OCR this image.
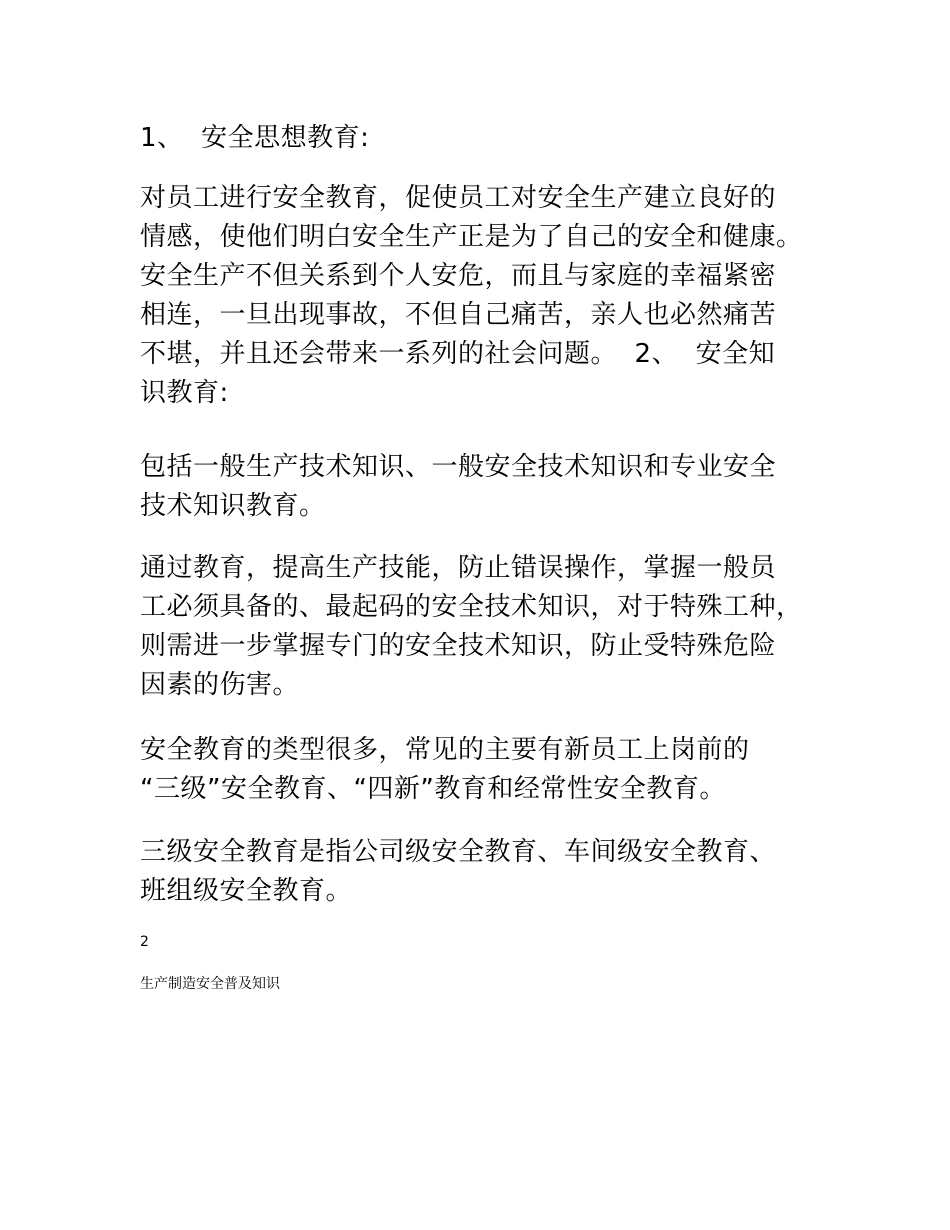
1、  安全思想教育:

对员工进行安全教育，促使员工对安全生产建立良好的
情感，使他们明白安全生产正是为了自己的安全和健康。
安全生产不但关系到个人安危，而且与家庭的幸福紧密
相连，一旦出现事故，不但自己痛苦，亲人也必然痛苦
不堪，并且还会带来一系列的社会问题。  2、  安全知
识教育:

包括一般生产技术知识、一般安全技术知识和专业安全
技术知识教育。

通过教育，提高生产技能，防止错误操作，掌握一般员
工必须具备的、最起码的安全技术知识，对于特殊工种，
则需进一步掌握专门的安全技术知识，防止受特殊危险
因素的伤害。

安全教育的类型很多，常见的主要有新员工上岗前的
“三级”安全教育、“四新”教育和经常性安全教育。

三级安全教育是指公司级安全教育、车间级安全教育、
班组级安全教育。

2

生产制造安全普及知识
